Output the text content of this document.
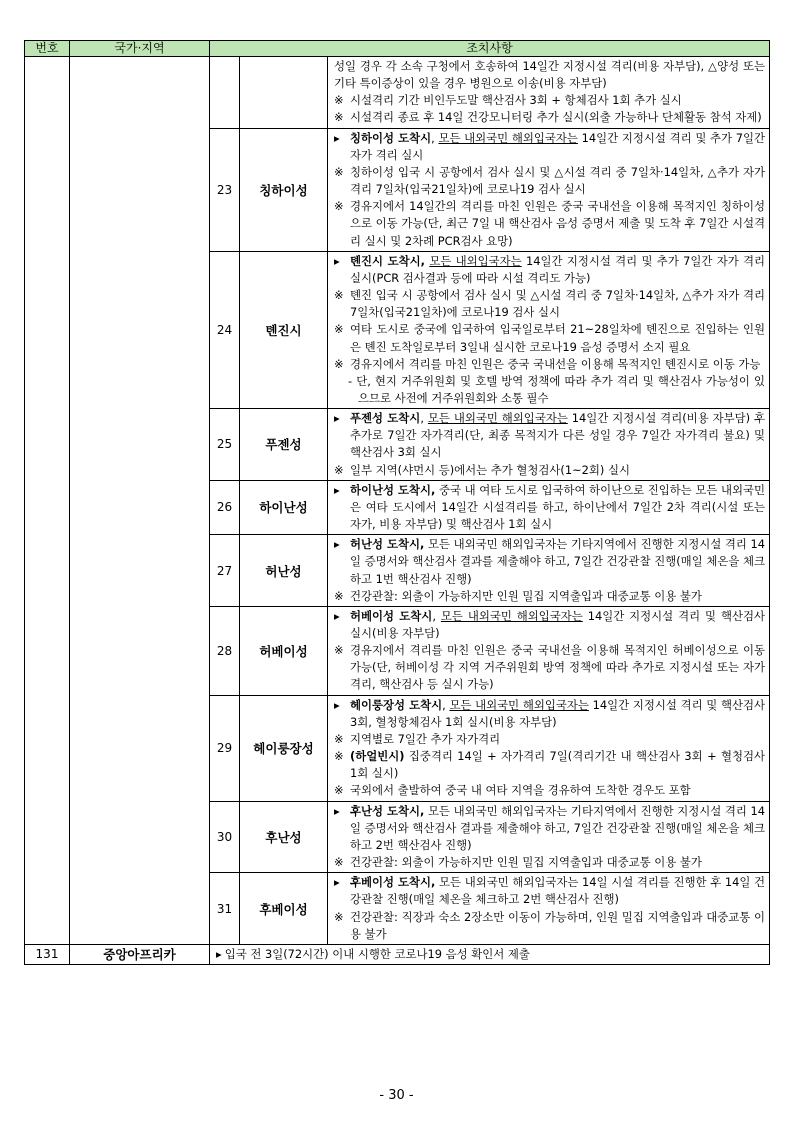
번호	국가·지역	조치사항		

				성일 경우 각 소속 구청에서 호송하여 14일간 지정시설 격리(비용 자부담), △양성 또는 기타 특이증상이 있을 경우 병원으로 이송(비용 자부담)
※ 시설격리 기간 비인두도말 핵산검사 3회 + 항체검사 1회 추가 실시
※ 시설격리 종료 후 14일 건강모니터링 추가 실시(외출 가능하나 단체활동 참석 자제)

		23	칭하이성	▸ 칭하이성 도착시, 모든 내외국민 해외입국자는 14일간 지정시설 격리 및 추가 7일간 자가 격리 실시
※ 칭하이성 입국 시 공항에서 검사 실시 및 △시설 격리 중 7일차·14일차, △추가 자가 격리 7일차(입국21일차)에 코로나19 검사 실시
※ 경유지에서 14일간의 격리를 마친 인원은 중국 국내선을 이용해 목적지인 칭하이성으로 이동 가능(단, 최근 7일 내 핵산검사 음성 증명서 제출 및 도착 후 7일간 시설격리 실시 및 2차례 PCR검사 요망)

		24	톈진시	▸ 톈진시 도착시, 모든 내외입국자는 14일간 지정시설 격리 및 추가 7일간 자가 격리 실시(PCR 검사결과 등에 따라 시설 격리도 가능)
※ 톈진 입국 시 공항에서 검사 실시 및 △시설 격리 중 7일차·14일차, △추가 자가 격리 7일차(입국21일차)에 코로나19 검사 실시
※ 여타 도시로 중국에 입국하여 입국일로부터 21~28일차에 톈진으로 진입하는 인원은 톈진 도착일로부터 3일내 실시한 코로나19 음성 증명서 소지 필요
※ 경유지에서 격리를 마친 인원은 중국 국내선을 이용해 목적지인 톈진시로 이동 가능
- 단, 현지 거주위원회 및 호텔 방역 정책에 따라 추가 격리 및 핵산검사 가능성이 있으므로 사전에 거주위원회와 소통 필수

		25	푸젠성	▸ 푸젠성 도착시, 모든 내외국민 해외입국자는 14일간 지정시설 격리(비용 자부담) 후 추가로 7일간 자가격리(단, 최종 목적지가 다른 성일 경우 7일간 자가격리 불요) 및 핵산검사 3회 실시
※ 일부 지역(샤먼시 등)에서는 추가 혈청검사(1~2회) 실시

		26	하이난성	▸ 하이난성 도착시, 중국 내 여타 도시로 입국하여 하이난으로 진입하는 모든 내외국민은 여타 도시에서 14일간 시설격리를 하고, 하이난에서 7일간 2차 격리(시설 또는 자가, 비용 자부담) 및 핵산검사 1회 실시

		27	허난성	▸ 허난성 도착시, 모든 내외국민 해외입국자는 기타지역에서 진행한 지정시설 격리 14일 증명서와 핵산검사 결과를 제출해야 하고, 7일간 건강관찰 진행(매일 체온을 체크하고 1번 핵산검사 진행)
※ 건강관찰: 외출이 가능하지만 인원 밀집 지역출입과 대중교통 이용 불가

		28	허베이성	▸ 허베이성 도착시, 모든 내외국민 해외입국자는 14일간 지정시설 격리 및 핵산검사 실시(비용 자부담)
※ 경유지에서 격리를 마친 인원은 중국 국내선을 이용해 목적지인 허베이성으로 이동 가능(단, 허베이성 각 지역 거주위원회 방역 정책에 따라 추가로 지정시설 또는 자가격리, 핵산검사 등 실시 가능)

		29	헤이룽장성	▸ 헤이룽장성 도착시, 모든 내외국민 해외입국자는 14일간 지정시설 격리 및 핵산검사 3회, 혈청항체검사 1회 실시(비용 자부담)
※ 지역별로 7일간 추가 자가격리
※ (하얼빈시) 집중격리 14일 + 자가격리 7일(격리기간 내 핵산검사 3회 + 혈청검사 1회 실시)
※ 국외에서 출발하여 중국 내 여타 지역을 경유하여 도착한 경우도 포함

		30	후난성	▸ 후난성 도착시, 모든 내외국민 해외입국자는 기타지역에서 진행한 지정시설 격리 14일 증명서와 핵산검사 결과를 제출해야 하고, 7일간 건강관찰 진행(매일 체온을 체크하고 2번 핵산검사 진행)
※ 건강관찰: 외출이 가능하지만 인원 밀집 지역출입과 대중교통 이용 불가

		31	후베이성	▸ 후베이성 도착시, 모든 내외국민 해외입국자는 14일 시설 격리를 진행한 후 14일 건강관찰 진행(매일 체온을 체크하고 2번 핵산검사 진행)
※ 건강관찰: 직장과 숙소 2장소만 이동이 가능하며, 인원 밀집 지역출입과 대중교통 이용 불가

131	중앙아프리카	▸ 입국 전 3일(72시간) 이내 시행한 코로나19 음성 확인서 제출		
- 30 -
